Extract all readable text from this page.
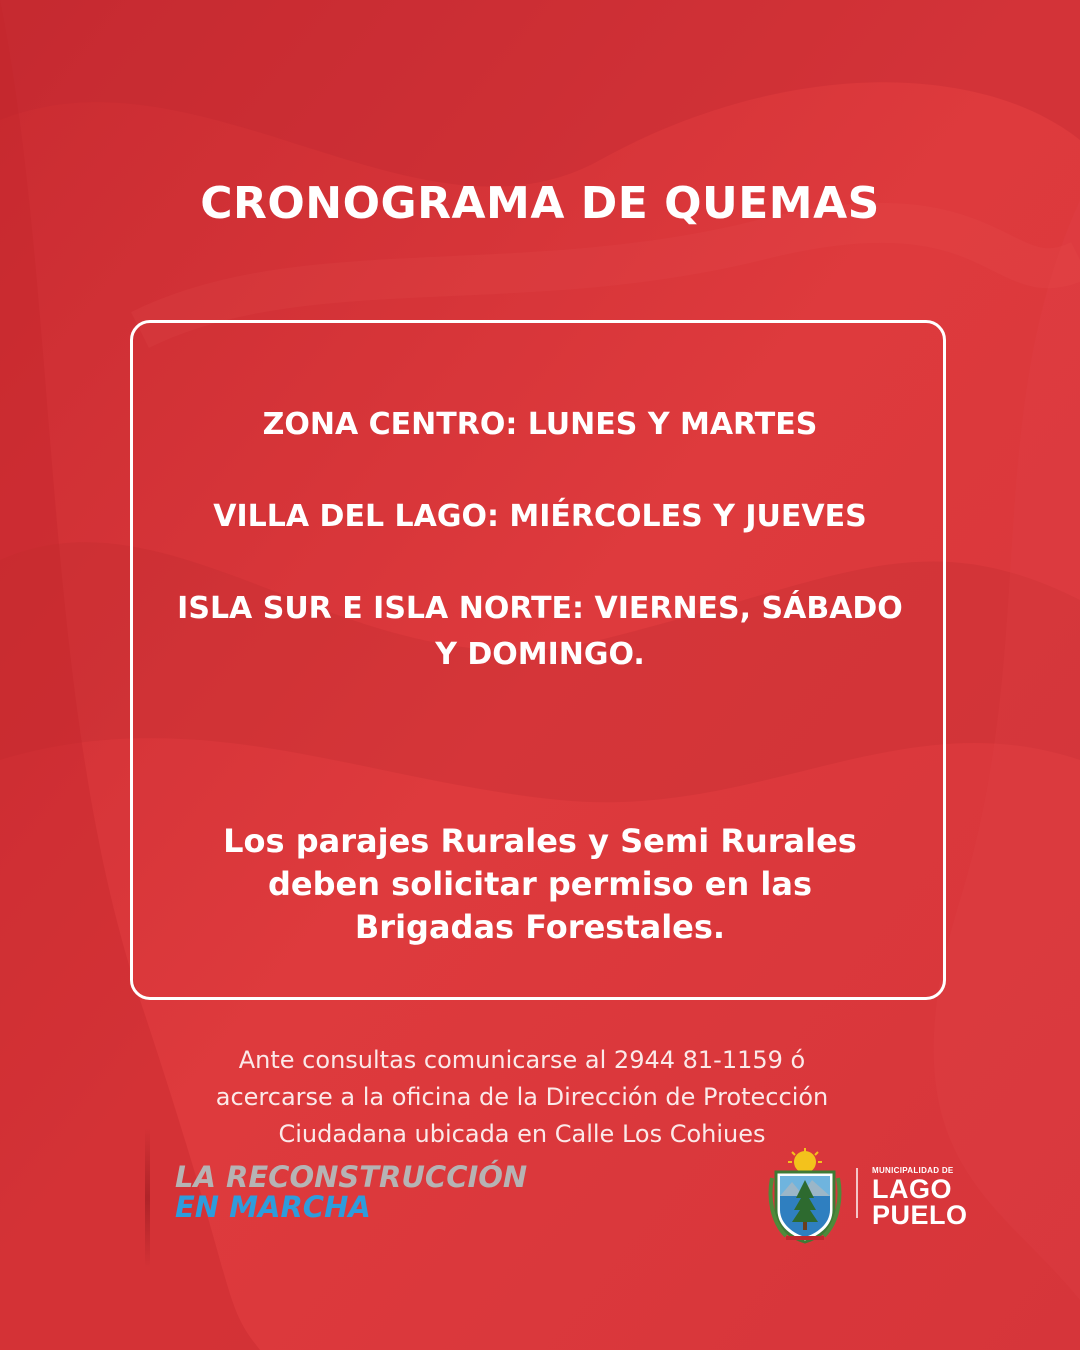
CRONOGRAMA DE QUEMAS
ZONA CENTRO: LUNES Y MARTES
VILLA DEL LAGO: MIÉRCOLES Y JUEVES
ISLA SUR E ISLA NORTE: VIERNES, SÁBADO
Y DOMINGO.
Los parajes Rurales y Semi Rurales
deben solicitar permiso en las
Brigadas Forestales.
Ante consultas comunicarse al 2944 81-1159 ó
acercarse a la oficina de la Dirección de Protección
Ciudadana ubicada en Calle Los Cohiues
LA RECONSTRUCCIÓN
EN MARCHA
MUNICIPALIDAD DE
LAGO
PUELO
